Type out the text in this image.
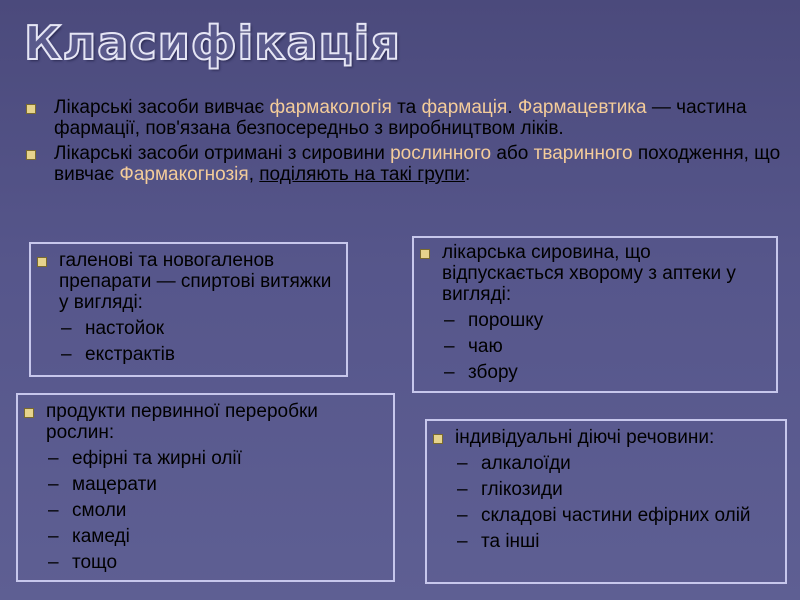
Класифікація
Лікарські засоби вивчає фармакологія та фармація. Фармацевтика — частина фармації, пов'язана безпосередньо з виробництвом ліків.
Лікарські засоби отримані з сировини рослинного або тваринного походження, що вивчає Фармакогнозія, поділяють на такі групи:
галенові та новогаленов препарати — спиртові витяжки у вигляді:
– настойок
– екстрактів
лікарська сировина, що відпускається хворому з аптеки у вигляді:
– порошку
– чаю
– збору
продукти первинної переробки рослин:
– ефірні та жирні олії
– мацерати
– смоли
– камеді
– тощо
індивідуальні діючі речовини:
– алкалоїди
– глікозиди
– складові частини ефірних олій
– та інші
